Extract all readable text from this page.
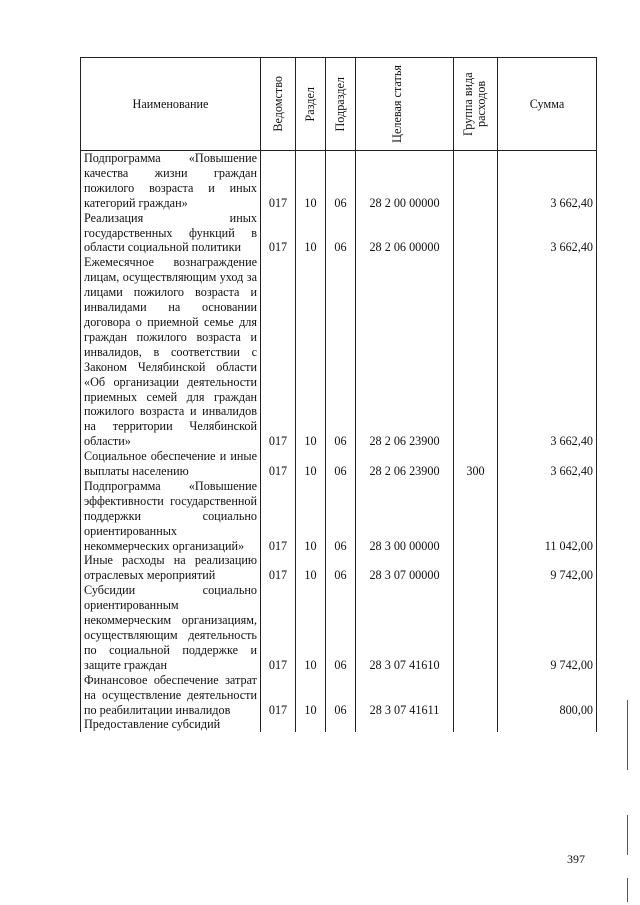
Наименование	Ведомство	Раздел	Подраздел	Целевая статья	Группа вида расходов	Сумма
Подпрограмма «Повышение качества жизни граждан пожилого возраста и иных категорий граждан»	017	10	06	28 2 00 00000		3 662,40
Реализация иных государственных функций в области социальной политики	017	10	06	28 2 06 00000		3 662,40
Ежемесячное вознаграждение лицам, осуществляющим уход за лицами пожилого возраста и инвалидами на основании договора о приемной семье для граждан пожилого возраста и инвалидов, в соответствии с Законом Челябинской области «Об организации деятельности приемных семей для граждан пожилого возраста и инвалидов на территории Челябинской области»	017	10	06	28 2 06 23900		3 662,40
Социальное обеспечение и иные выплаты населению	017	10	06	28 2 06 23900	300	3 662,40
Подпрограмма «Повышение эффективности государственной поддержки социально ориентированных некоммерческих организаций»	017	10	06	28 3 00 00000		11 042,00
Иные расходы на реализацию отраслевых мероприятий	017	10	06	28 3 07 00000		9 742,00
Субсидии социально ориентированным некоммерческим организациям, осуществляющим деятельность по социальной поддержке и защите граждан	017	10	06	28 3 07 41610		9 742,00
Финансовое обеспечение затрат на осуществление деятельности по реабилитации инвалидов	017	10	06	28 3 07 41611		800,00
Предоставление субсидий						
397
